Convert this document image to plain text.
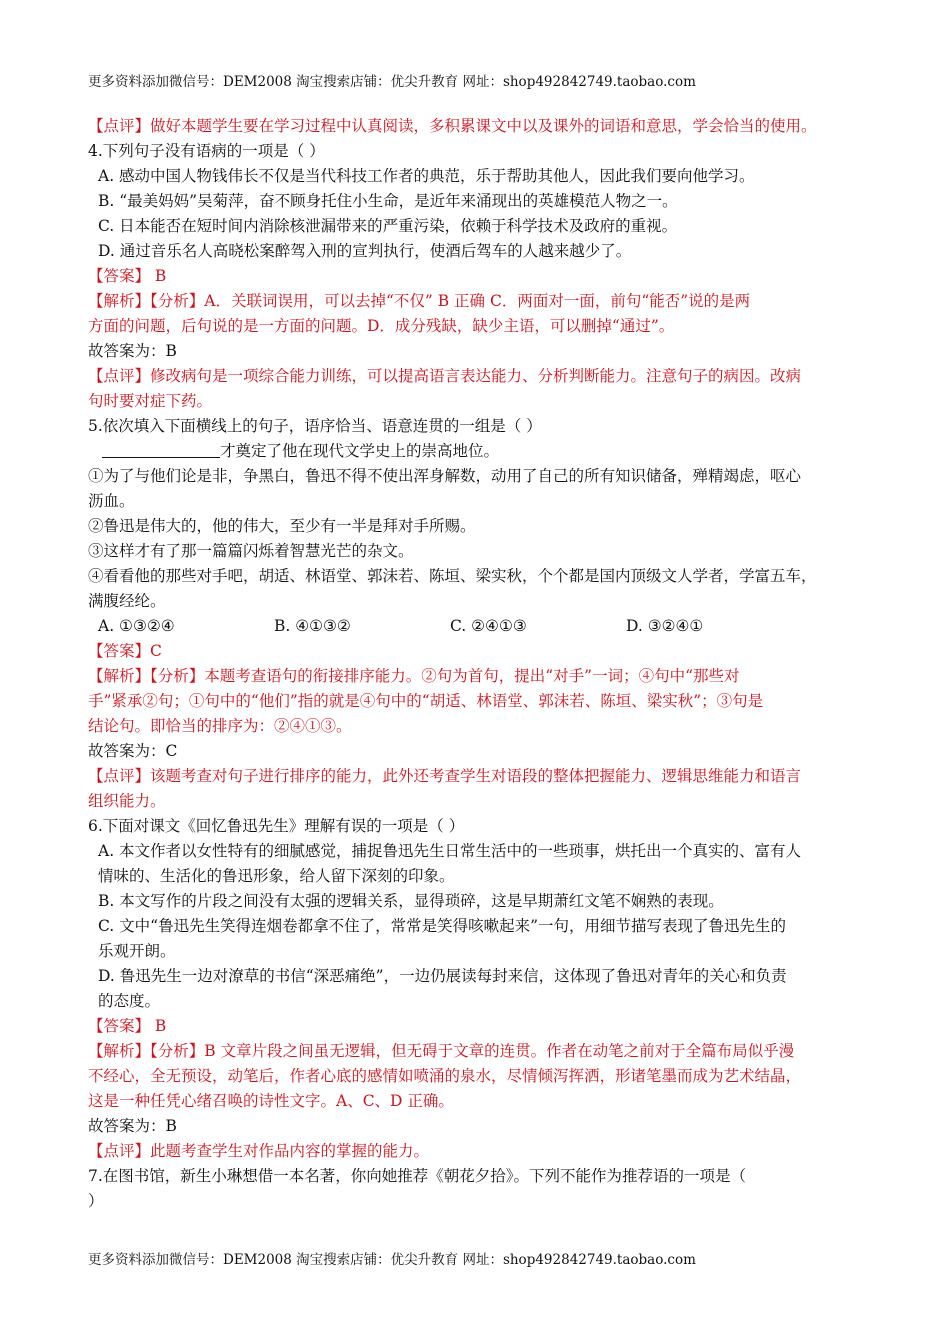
更多资料添加微信号：DEM2008 淘宝搜索店铺：优尖升教育 网址：shop492842749.taobao.com
【点评】做好本题学生要在学习过程中认真阅读，多积累课文中以及课外的词语和意思，学会恰当的使用。
4.下列句子没有语病的一项是（ ）
A. 感动中国人物钱伟长不仅是当代科技工作者的典范，乐于帮助其他人，因此我们要向他学习。
B. “最美妈妈”吴菊萍，奋不顾身托住小生命，是近年来涌现出的英雄模范人物之一。
C. 日本能否在短时间内消除核泄漏带来的严重污染，依赖于科学技术及政府的重视。
D. 通过音乐名人高晓松案醉驾入刑的宣判执行，使酒后驾车的人越来越少了。
【答案】 B
【解析】【分析】A．关联词误用，可以去掉“不仅” B 正确 C．两面对一面，前句“能否”说的是两
方面的问题，后句说的是一方面的问题。D．成分残缺，缺少主语，可以删掉“通过”。
故答案为：B
【点评】修改病句是一项综合能力训练，可以提高语言表达能力、分析判断能力。注意句子的病因。改病
句时要对症下药。
5.依次填入下面横线上的句子，语序恰当、语意连贯的一组是（ ）
才奠定了他在现代文学史上的崇高地位。
①为了与他们论是非，争黑白，鲁迅不得不使出浑身解数，动用了自己的所有知识储备，殚精竭虑，呕心
沥血。
②鲁迅是伟大的，他的伟大，至少有一半是拜对手所赐。
③这样才有了那一篇篇闪烁着智慧光芒的杂文。
④看看他的那些对手吧，胡适、林语堂、郭沫若、陈垣、梁实秋，个个都是国内顶级文人学者，学富五车，
满腹经纶。
A. ①③②④	B. ④①③②	C. ②④①③	D. ③②④①
【答案】C
【解析】【分析】本题考查语句的衔接排序能力。②句为首句，提出“对手”一词；④句中“那些对
手”紧承②句；①句中的“他们”指的就是④句中的“胡适、林语堂、郭沫若、陈垣、梁实秋”；③句是
结论句。即恰当的排序为：②④①③。
故答案为：C
【点评】该题考查对句子进行排序的能力，此外还考查学生对语段的整体把握能力、逻辑思维能力和语言
组织能力。
6.下面对课文《回忆鲁迅先生》理解有误的一项是（ ）
A. 本文作者以女性特有的细腻感觉，捕捉鲁迅先生日常生活中的一些琐事，烘托出一个真实的、富有人
情味的、生活化的鲁迅形象，给人留下深刻的印象。
B. 本文写作的片段之间没有太强的逻辑关系，显得琐碎，这是早期萧红文笔不娴熟的表现。
C. 文中“鲁迅先生笑得连烟卷都拿不住了，常常是笑得咳嗽起来”一句，用细节描写表现了鲁迅先生的
乐观开朗。
D. 鲁迅先生一边对潦草的书信“深恶痛绝”，一边仍展读每封来信，这体现了鲁迅对青年的关心和负责
的态度。
【答案】 B
【解析】【分析】B 文章片段之间虽无逻辑，但无碍于文章的连贯。作者在动笔之前对于全篇布局似乎漫
不经心，全无预设，动笔后，作者心底的感情如喷涌的泉水，尽情倾泻挥洒，形诸笔墨而成为艺术结晶，
这是一种任凭心绪召唤的诗性文字。A、C、D 正确。
故答案为：B
【点评】此题考查学生对作品内容的掌握的能力。
7.在图书馆，新生小琳想借一本名著，你向她推荐《朝花夕拾》。下列不能作为推荐语的一项是（
）
更多资料添加微信号：DEM2008 淘宝搜索店铺：优尖升教育 网址：shop492842749.taobao.com
